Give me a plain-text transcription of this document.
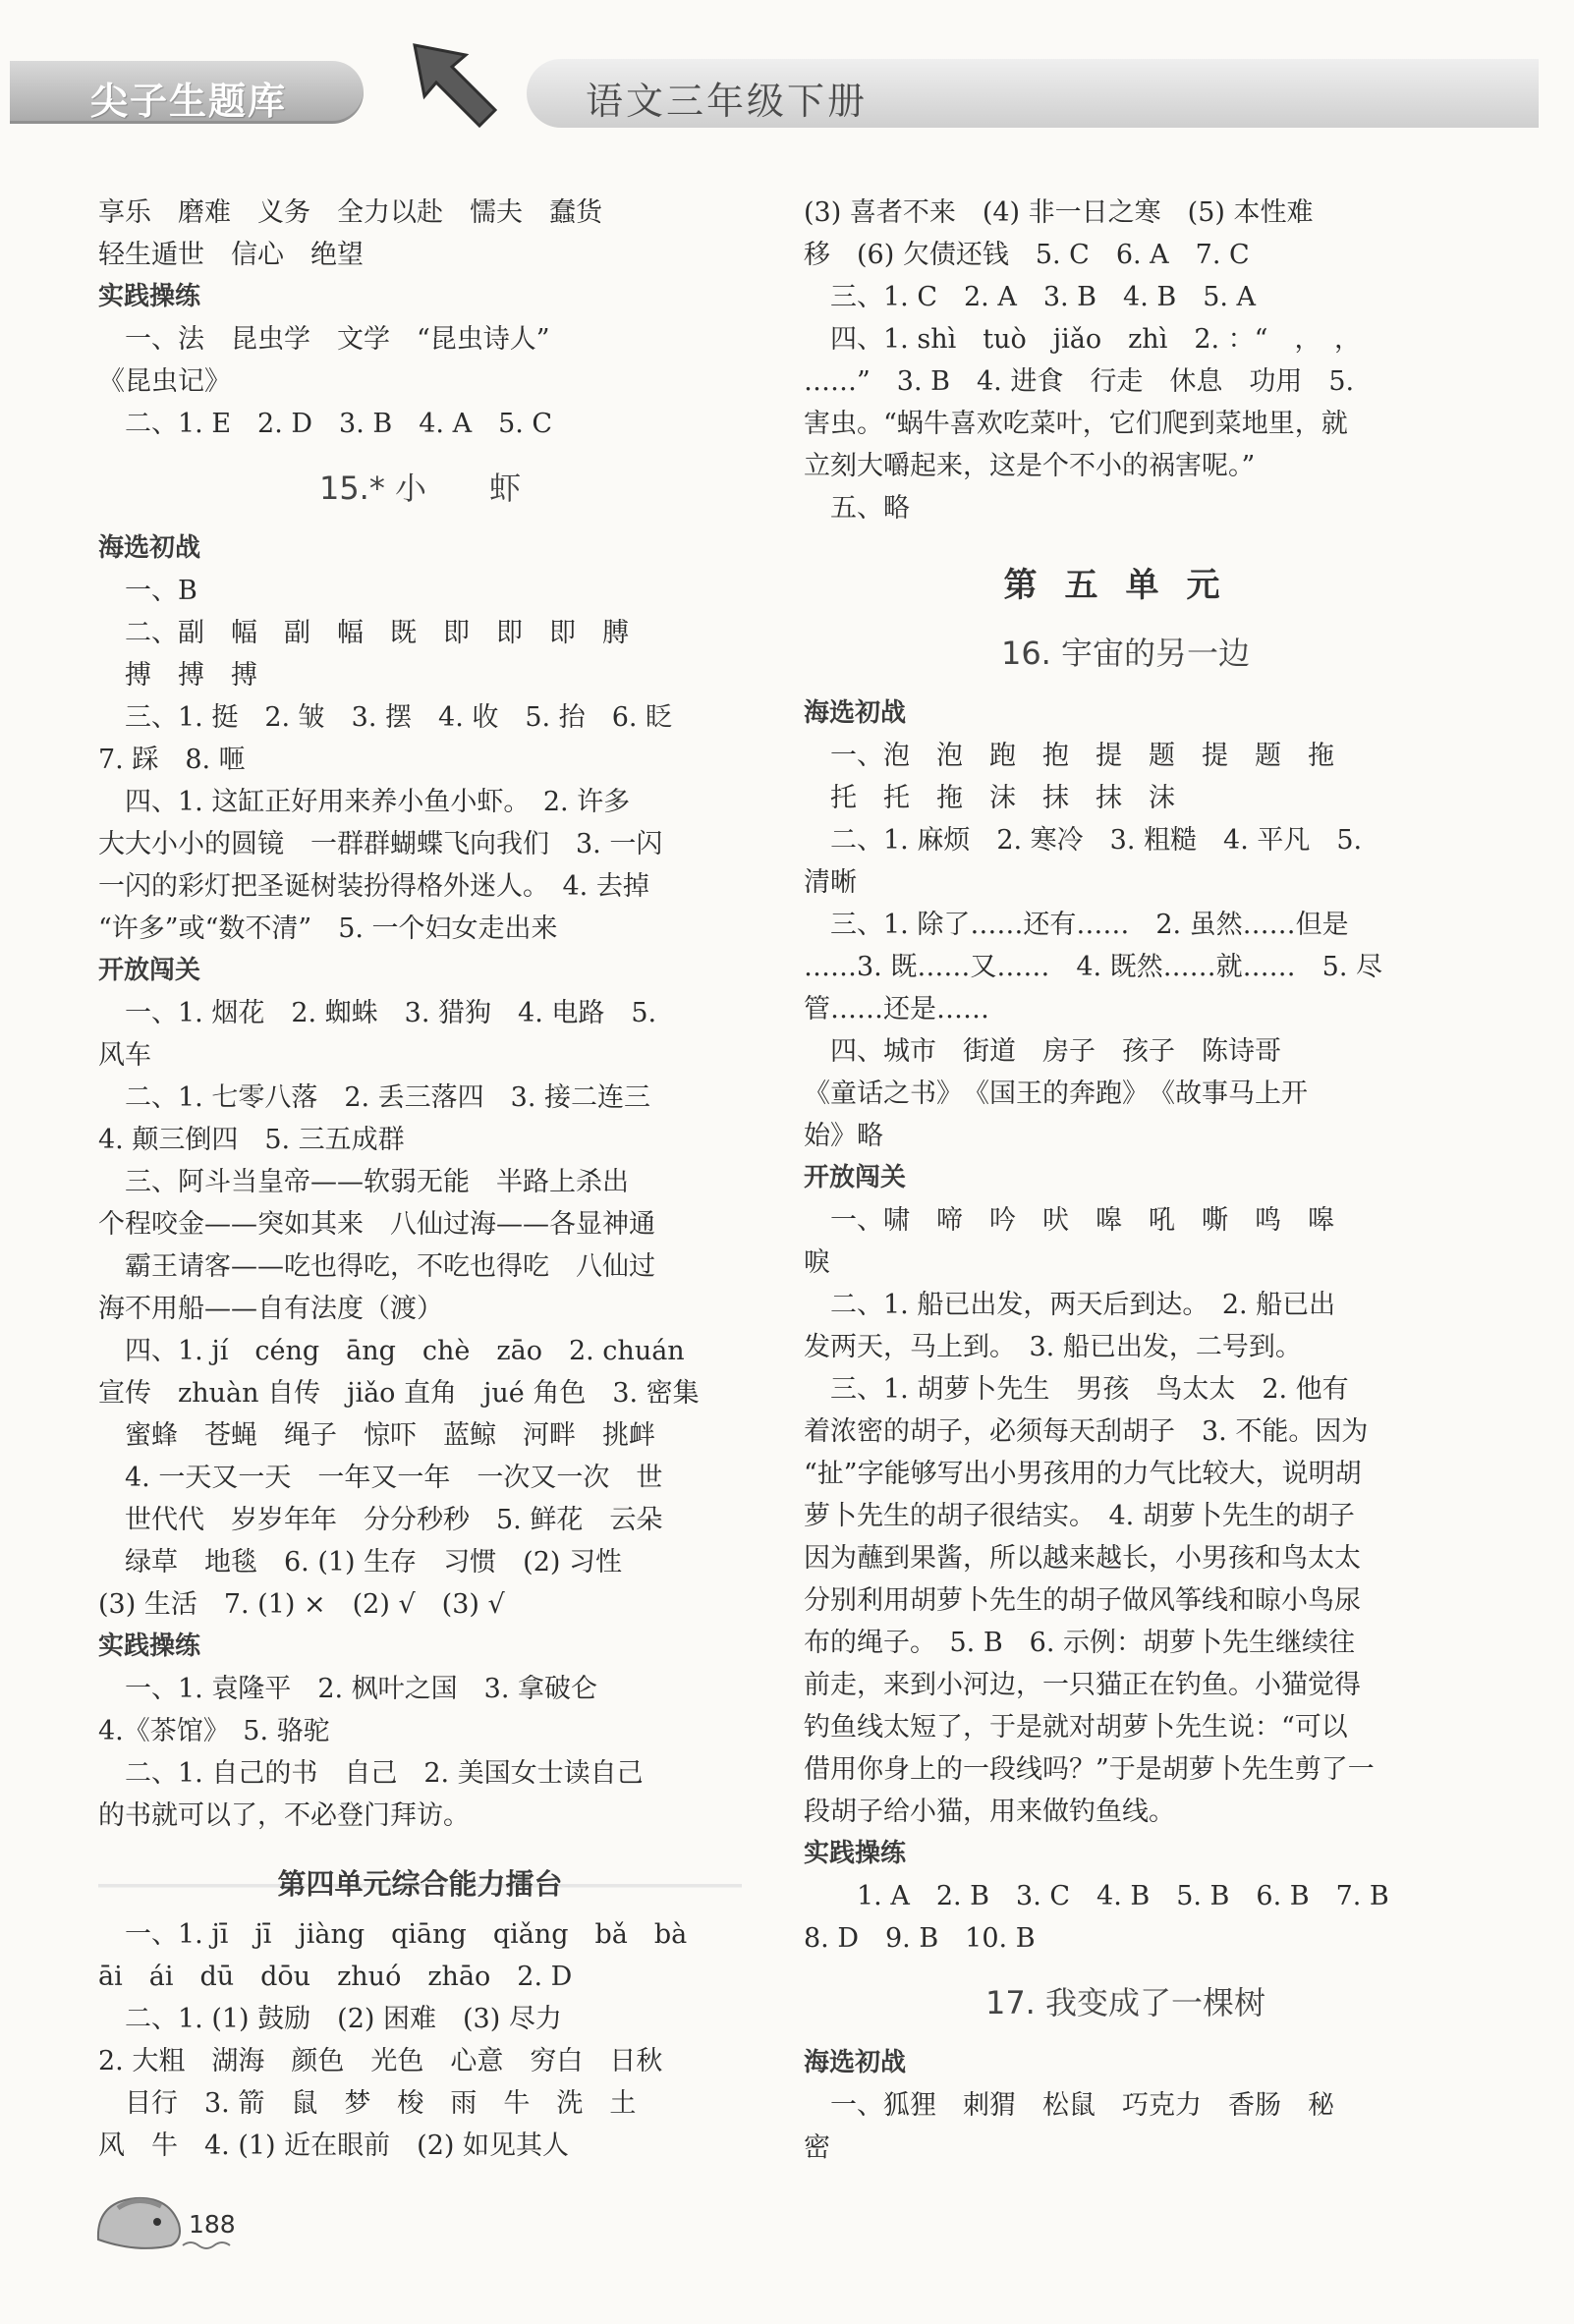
尖子生题库	语文三年级下册
享乐　磨难　义务　全力以赴　懦夫　蠢货
轻生遁世　信心　绝望
实践操练
　一、法　昆虫学　文学　“昆虫诗人”
《昆虫记》
　二、1. E　2. D　3. B　4. A　5. C
15.* 小　　虾
海选初战
　一、B
　二、副　幅　副　幅　既　即　即　即　膊
　搏　搏　搏
　三、1. 挺　2. 皱　3. 摆　4. 收　5. 抬　6. 眨
7. 踩　8. 咂
　四、1. 这缸正好用来养小鱼小虾。　2. 许多
大大小小的圆镜　一群群蝴蝶飞向我们　3. 一闪
一闪的彩灯把圣诞树装扮得格外迷人。　4. 去掉
“许多”或“数不清”　5. 一个妇女走出来
开放闯关
　一、1. 烟花　2. 蜘蛛　3. 猎狗　4. 电路　5.
风车
　二、1. 七零八落　2. 丢三落四　3. 接二连三
4. 颠三倒四　5. 三五成群
　三、阿斗当皇帝——软弱无能　半路上杀出
个程咬金——突如其来　八仙过海——各显神通
　霸王请客——吃也得吃，不吃也得吃　八仙过
海不用船——自有法度（渡）
　四、1. jí　céng　āng　chè　zāo　2. chuán
宣传　zhuàn 自传　jiǎo 直角　jué 角色　3. 密集
　蜜蜂　苍蝇　绳子　惊吓　蓝鲸　河畔　挑衅
　4. 一天又一天　一年又一年　一次又一次　世
　世代代　岁岁年年　分分秒秒　5. 鲜花　云朵
　绿草　地毯　6. (1) 生存　习惯　(2) 习性
(3) 生活　7. (1) ×　(2) √　(3) √
实践操练
　一、1. 袁隆平　2. 枫叶之国　3. 拿破仑
4.《茶馆》　5. 骆驼
　二、1. 自己的书　自己　2. 美国女士读自己
的书就可以了，不必登门拜访。
第四单元综合能力擂台
　一、1. jī　jī　jiàng　qiāng　qiǎng　bǎ　bà
āi　ái　dū　dōu　zhuó　zhāo　2. D
　二、1. (1) 鼓励　(2) 困难　(3) 尽力
2. 大粗　湖海　颜色　光色　心意　穷白　日秋
　目行　3. 箭　鼠　梦　梭　雨　牛　洗　土
风　牛　4. (1) 近在眼前　(2) 如见其人
(3) 喜者不来　(4) 非一日之寒　(5) 本性难
移　(6) 欠债还钱　5. C　6. A　7. C
　三、1. C　2. A　3. B　4. B　5. A
　四、1. shì　tuò　jiǎo　zhì　2. ：“　，　，
……”　3. B　4. 进食　行走　休息　功用　5.
害虫。“蜗牛喜欢吃菜叶，它们爬到菜地里，就
立刻大嚼起来，这是个不小的祸害呢。”
　五、略
第五单元
16. 宇宙的另一边
海选初战
　一、泡　泡　跑　抱　提　题　提　题　拖
　托　托　拖　沫　抹　抹　沫
　二、1. 麻烦　2. 寒冷　3. 粗糙　4. 平凡　5.
清晰
　三、1. 除了……还有……　2. 虽然……但是
……3. 既……又……　4. 既然……就……　5. 尽
管……还是……
　四、城市　街道　房子　孩子　陈诗哥
《童话之书》　《国王的奔跑》　《故事马上开
始》略
开放闯关
　一、啸　啼　吟　吠　嗥　吼　嘶　鸣　嗥
唳
　二、1. 船已出发，两天后到达。　2. 船已出
发两天，马上到。　3. 船已出发，二号到。
　三、1. 胡萝卜先生　男孩　鸟太太　2. 他有
着浓密的胡子，必须每天刮胡子　3. 不能。因为
“扯”字能够写出小男孩用的力气比较大，说明胡
萝卜先生的胡子很结实。　4. 胡萝卜先生的胡子
因为蘸到果酱，所以越来越长，小男孩和鸟太太
分别利用胡萝卜先生的胡子做风筝线和晾小鸟尿
布的绳子。　5. B　6. 示例：胡萝卜先生继续往
前走，来到小河边，一只猫正在钓鱼。小猫觉得
钓鱼线太短了，于是就对胡萝卜先生说：“可以
借用你身上的一段线吗？”于是胡萝卜先生剪了一
段胡子给小猫，用来做钓鱼线。
实践操练
　　1. A　2. B　3. C　4. B　5. B　6. B　7. B
8. D　9. B　10. B
17. 我变成了一棵树
海选初战
　一、狐狸　刺猬　松鼠　巧克力　香肠　秘
密
188
